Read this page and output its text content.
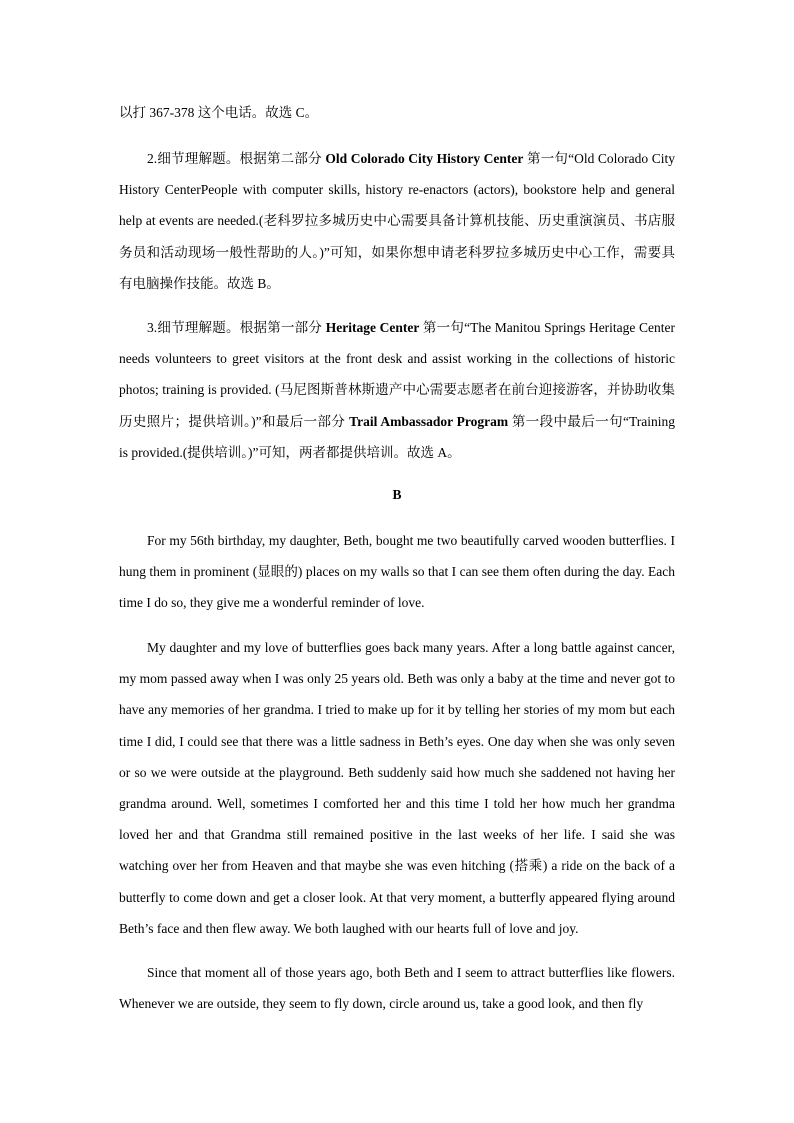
以打 367-378 这个电话。故选 C。

2.细节理解题。根据第二部分 Old Colorado City History Center 第一句“Old Colorado City History CenterPeople with computer skills, history re-enactors (actors), bookstore help and general help at events are needed.(老科罗拉多城历史中心需要具备计算机技能、历史重演演员、书店服务员和活动现场一般性帮助的人。)”可知，如果你想申请老科罗拉多城历史中心工作，需要具有电脑操作技能。故选 B。

3.细节理解题。根据第一部分 Heritage Center 第一句“The Manitou Springs Heritage Center needs volunteers to greet visitors at the front desk and assist working in the collections of historic photos; training is provided. (马尼图斯普林斯遗产中心需要志愿者在前台迎接游客，并协助收集历史照片；提供培训。)”和最后一部分 Trail Ambassador Program 第一段中最后一句“Training is provided.(提供培训。)”可知，两者都提供培训。故选 A。

B

For my 56th birthday, my daughter, Beth, bought me two beautifully carved wooden butterflies. I hung them in prominent (显眼的) places on my walls so that I can see them often during the day. Each time I do so, they give me a wonderful reminder of love.

My daughter and my love of butterflies goes back many years. After a long battle against cancer, my mom passed away when I was only 25 years old. Beth was only a baby at the time and never got to have any memories of her grandma. I tried to make up for it by telling her stories of my mom but each time I did, I could see that there was a little sadness in Beth’s eyes. One day when she was only seven or so we were outside at the playground. Beth suddenly said how much she saddened not having her grandma around. Well, sometimes I comforted her and this time I told her how much her grandma loved her and that Grandma still remained positive in the last weeks of her life. I said she was watching over her from Heaven and that maybe she was even hitching (搭乘) a ride on the back of a butterfly to come down and get a closer look. At that very moment, a butterfly appeared flying around Beth’s face and then flew away. We both laughed with our hearts full of love and joy.

Since that moment all of those years ago, both Beth and I seem to attract butterflies like flowers. Whenever we are outside, they seem to fly down, circle around us, take a good look, and then fly
